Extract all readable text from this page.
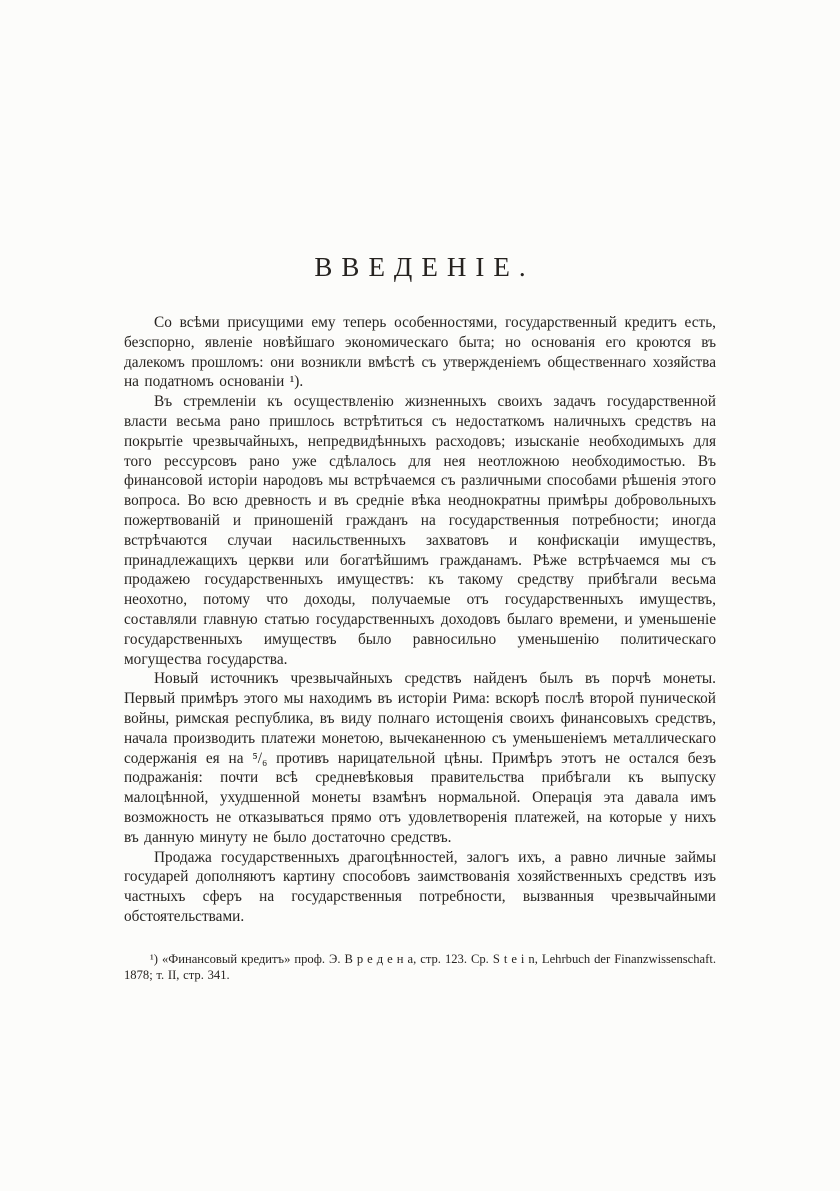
ВВЕДЕНІЕ.

Со всѣми присущими ему теперь особенностями, государственный кредитъ есть, безспорно, явленіе новѣйшаго экономическаго быта; но основанія его кроются въ далекомъ прошломъ: они возникли вмѣстѣ съ утвержденіемъ общественнаго хозяйства на податномъ основаніи ¹).

Въ стремленіи къ осуществленію жизненныхъ своихъ задачъ государственной власти весьма рано пришлось встрѣтиться съ недостаткомъ наличныхъ средствъ на покрытіе чрезвычайныхъ, непредвидѣнныхъ расходовъ; изысканіе необходимыхъ для того рессурсовъ рано уже сдѣлалось для нея неотложною необходимостью. Въ финансовой исторіи народовъ мы встрѣчаемся съ различными способами рѣшенія этого вопроса. Во всю древность и въ средніе вѣка неоднократны примѣры добровольныхъ пожертвованій и приношеній гражданъ на государственныя потребности; иногда встрѣчаются случаи насильственныхъ захватовъ и конфискаціи имуществъ, принадлежащихъ церкви или богатѣйшимъ гражданамъ. Рѣже встрѣчаемся мы съ продажею государственныхъ имуществъ: къ такому средству прибѣгали весьма неохотно, потому что доходы, получаемые отъ государственныхъ имуществъ, составляли главную статью государственныхъ доходовъ былаго времени, и уменьшеніе государственныхъ имуществъ было равносильно уменьшенію политическаго могущества государства.

Новый источникъ чрезвычайныхъ средствъ найденъ былъ въ порчѣ монеты. Первый примѣръ этого мы находимъ въ исторіи Рима: вскорѣ послѣ второй пунической войны, римская республика, въ виду полнаго истощенія своихъ финансовыхъ средствъ, начала производить платежи монетою, вычеканенною съ уменьшеніемъ металлическаго содержанія ея на ⁵/₆ противъ нарицательной цѣны. Примѣръ этотъ не остался безъ подражанія: почти всѣ средневѣковыя правительства прибѣгали къ выпуску малоцѣнной, ухудшенной монеты взамѣнъ нормальной. Операція эта давала имъ возможность не отказываться прямо отъ удовлетворенія платежей, на которые у нихъ въ данную минуту не было достаточно средствъ.

Продажа государственныхъ драгоцѣнностей, залогъ ихъ, а равно личные займы государей дополняютъ картину способовъ заимствованія хозяйственныхъ средствъ изъ частныхъ сферъ на государственныя потребности, вызванныя чрезвычайными обстоятельствами.

¹) «Финансовый кредитъ» проф. Э. В р е д е н а, стр. 123. Ср. S t e i n, Lehrbuch der Finanzwissenschaft. 1878; т. II, стр. 341.
